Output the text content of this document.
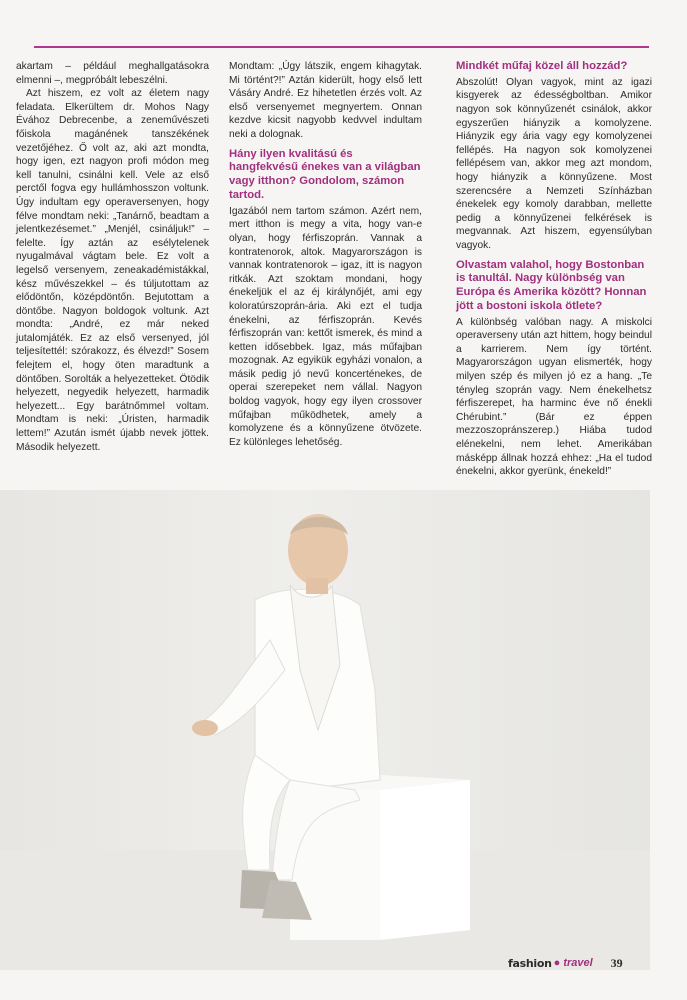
akartam – például meghallgatásokra elmenni –, megpróbált lebeszélni.

Azt hiszem, ez volt az életem nagy feladata. Elkerültem dr. Mohos Nagy Évához Debrecenbe, a zeneművészeti főiskola magánének tanszékének vezetőjéhez. Ő volt az, aki azt mondta, hogy igen, ezt nagyon profi módon meg kell tanulni, csinálni kell. Vele az első perctől fogva egy hullámhosszon voltunk. Úgy indultam egy operaversenyen, hogy félve mondtam neki: „Tanárnő, beadtam a jelentkezésemet.” „Menjél, csináljuk!” – felelte. Így aztán az esélytelenek nyugalmával vágtam bele. Ez volt a legelső versenyem, zeneakadémistákkal, kész művészekkel – és túljutottam az elődöntőn, középdöntőn. Bejutottam a döntőbe. Nagyon boldogok voltunk. Azt mondta: „André, ez már neked jutalomjáték. Ez az első versenyed, jól teljesítettél: szórakozz, és élvezd!” Sosem felejtem el, hogy öten maradtunk a döntőben. Sorolták a helyezetteket. Ötödik helyezett, negyedik helyezett, harmadik helyezett... Egy barátnőmmel voltam. Mondtam is neki: „Úristen, harmadik lettem!” Azután ismét újabb nevek jöttek. Második helyezett.

Mondtam: „Úgy látszik, engem kihagytak. Mi történt?!” Aztán kiderült, hogy első lett Vásáry André. Ez hihetetlen érzés volt. Az első versenyemet megnyertem. Onnan kezdve kicsit nagyobb kedvvel indultam neki a dolognak.

Hány ilyen kvalitású és hangfekvésű énekes van a világban vagy itthon? Gondolom, számon tartod.

Igazából nem tartom számon. Azért nem, mert itthon is megy a vita, hogy van-e olyan, hogy férfiszoprán. Vannak a kontratenorok, altok. Magyarországon is vannak kontratenorok – igaz, itt is nagyon ritkák. Azt szoktam mondani, hogy énekeljük el az éj királynőjét, ami egy koloratúrszoprán-ária. Aki ezt el tudja énekelni, az férfiszoprán. Kevés férfiszoprán van: kettőt ismerek, és mind a ketten idősebbek. Igaz, más műfajban mozognak. Az egyikük egyházi vonalon, a másik pedig jó nevű koncerténekes, de operai szerepeket nem vállal. Nagyon boldog vagyok, hogy egy ilyen crossover műfajban működhetek, amely a komolyzene és a könnyűzene ötvözete. Ez különleges lehetőség.

Mindkét műfaj közel áll hozzád?

Abszolút! Olyan vagyok, mint az igazi kisgyerek az édességboltban. Amikor nagyon sok könnyűzenét csinálok, akkor egyszerűen hiányzik a komolyzene. Hiányzik egy ária vagy egy komolyzenei fellépés. Ha nagyon sok komolyzenei fellépésem van, akkor meg azt mondom, hogy hiányzik a könnyűzene. Most szerencsére a Nemzeti Színházban énekelek egy komoly darabban, mellette pedig a könnyűzenei felkérések is megvannak. Azt hiszem, egyensúlyban vagyok.

Olvastam valahol, hogy Bostonban is tanultál. Nagy különbség van Európa és Amerika között? Honnan jött a bostoni iskola ötlete?

A különbség valóban nagy. A miskolci operaverseny után azt hittem, hogy beindul a karrierem. Nem így történt. Magyarországon ugyan elismerték, hogy milyen szép és milyen jó ez a hang. „Te tényleg szoprán vagy. Nem énekelhetsz férfiszerepet, ha harminc éve nő énekli Chérubint.” (Bár ez éppen mezzoszopránszerep.) Hiába tudod elénekelni, nem lehet. Amerikában másképp állnak hozzá ehhez: „Ha el tudod énekelni, akkor gyerünk, énekeld!”

fashion ● travel 39
